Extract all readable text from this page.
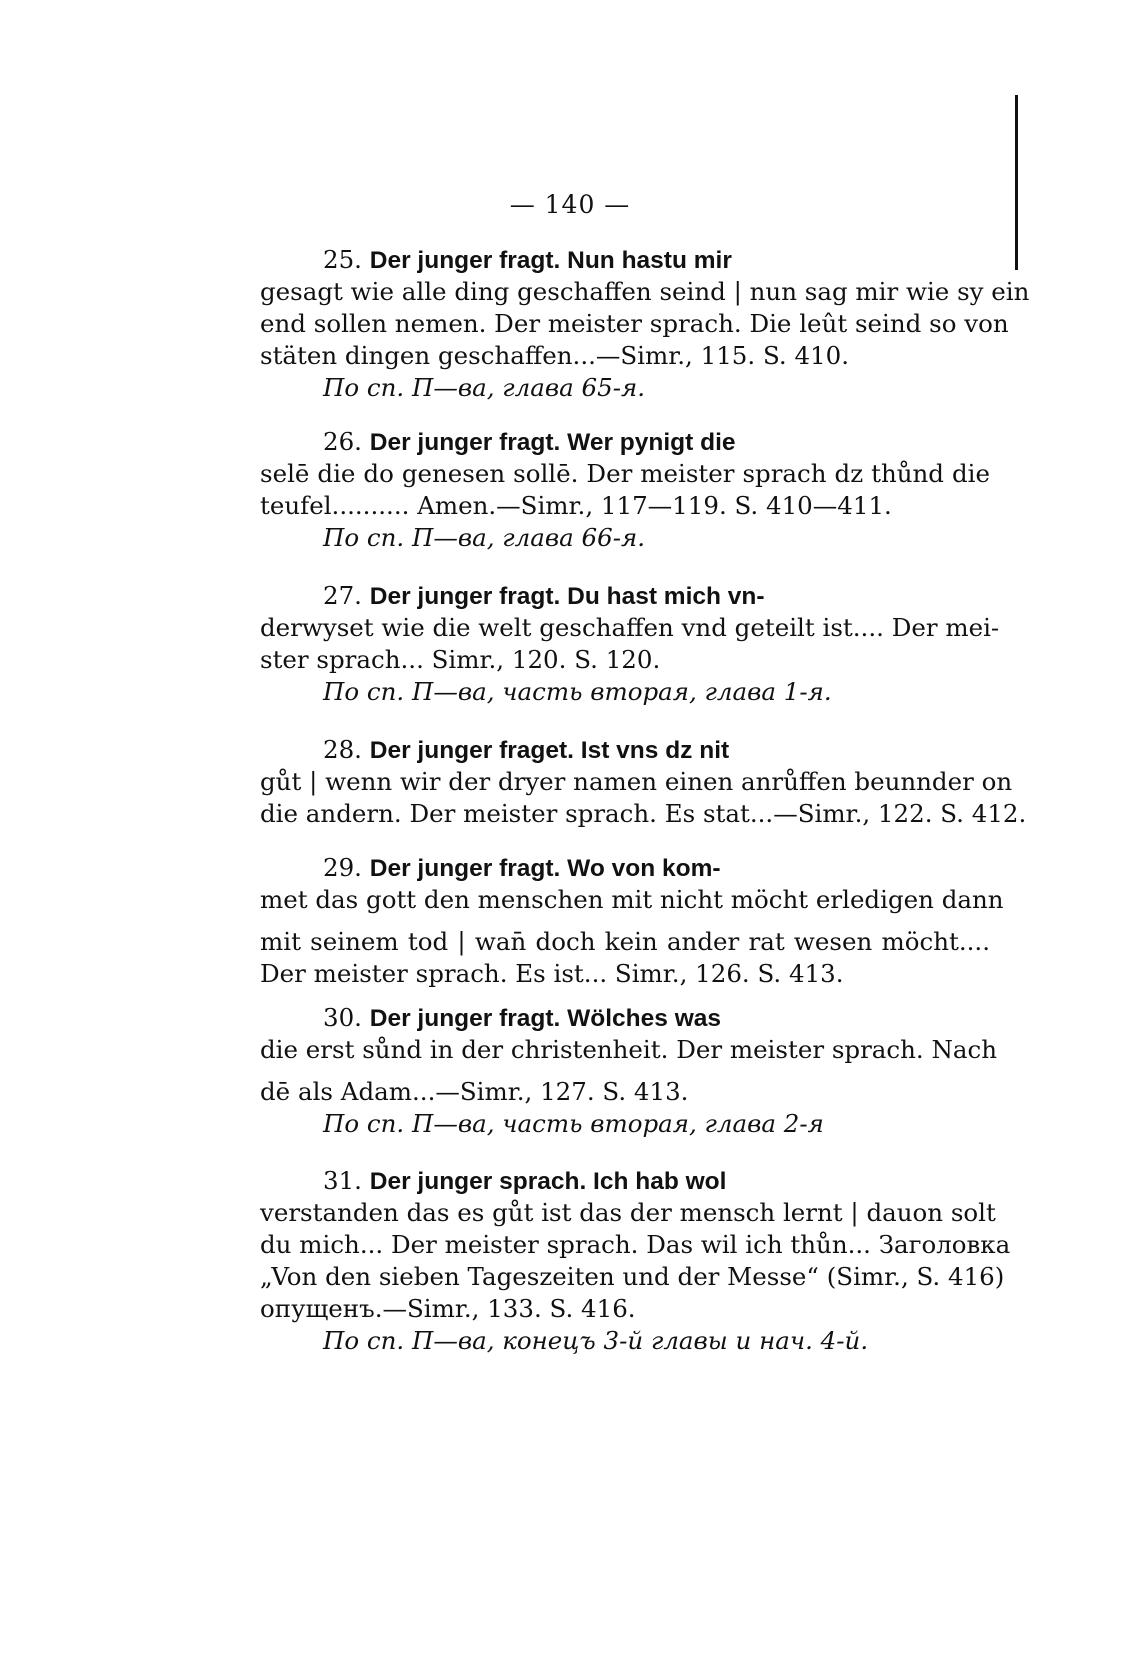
— 140 —
25. Der junger fragt. Nun hastu mir
gesagt wie alle ding geschaffen seind | nun sag mir wie sy ein
end sollen nemen. Der meister sprach. Die leût seind so von
stäten dingen geschaffen...—Simr., 115. S. 410.
По сп. П—ва, глава 65-я.
26. Der junger fragt. Wer pynigt die
selē die do genesen sollē. Der meister sprach dz thůnd die
teufel.......... Amen.—Simr., 117—119. S. 410—411.
По сп. П—ва, глава 66-я.
27. Der junger fragt. Du hast mich vn-
derwyset wie die welt geschaffen vnd geteilt ist.... Der mei-
ster sprach... Simr., 120. S. 120.
По сп. П—ва, часть вторая, глава 1-я.
28. Der junger fraget. Ist vns dz nit
gůt | wenn wir der dryer namen einen anrůffen beunnder on
die andern. Der meister sprach. Es stat...—Simr., 122. S. 412.
29. Der junger fragt. Wo von kom-
met das gott den menschen mit nicht möcht erledigen dann
mit seinem tod | wan̄ doch kein ander rat wesen möcht....
Der meister sprach. Es ist... Simr., 126. S. 413.
30. Der junger fragt. Wölches was
die erst sůnd in der christenheit. Der meister sprach. Nach
dē als Adam...—Simr., 127. S. 413.
По сп. П—ва, часть вторая, глава 2-я
31. Der junger sprach. Ich hab wol
verstanden das es gůt ist das der mensch lernt | dauon solt
du mich... Der meister sprach. Das wil ich thůn... Заголовка
„Von den sieben Tageszeiten und der Messe“ (Simr., S. 416)
опущенъ.—Simr., 133. S. 416.
По сп. П—ва, конецъ 3-й главы и нач. 4-й.
